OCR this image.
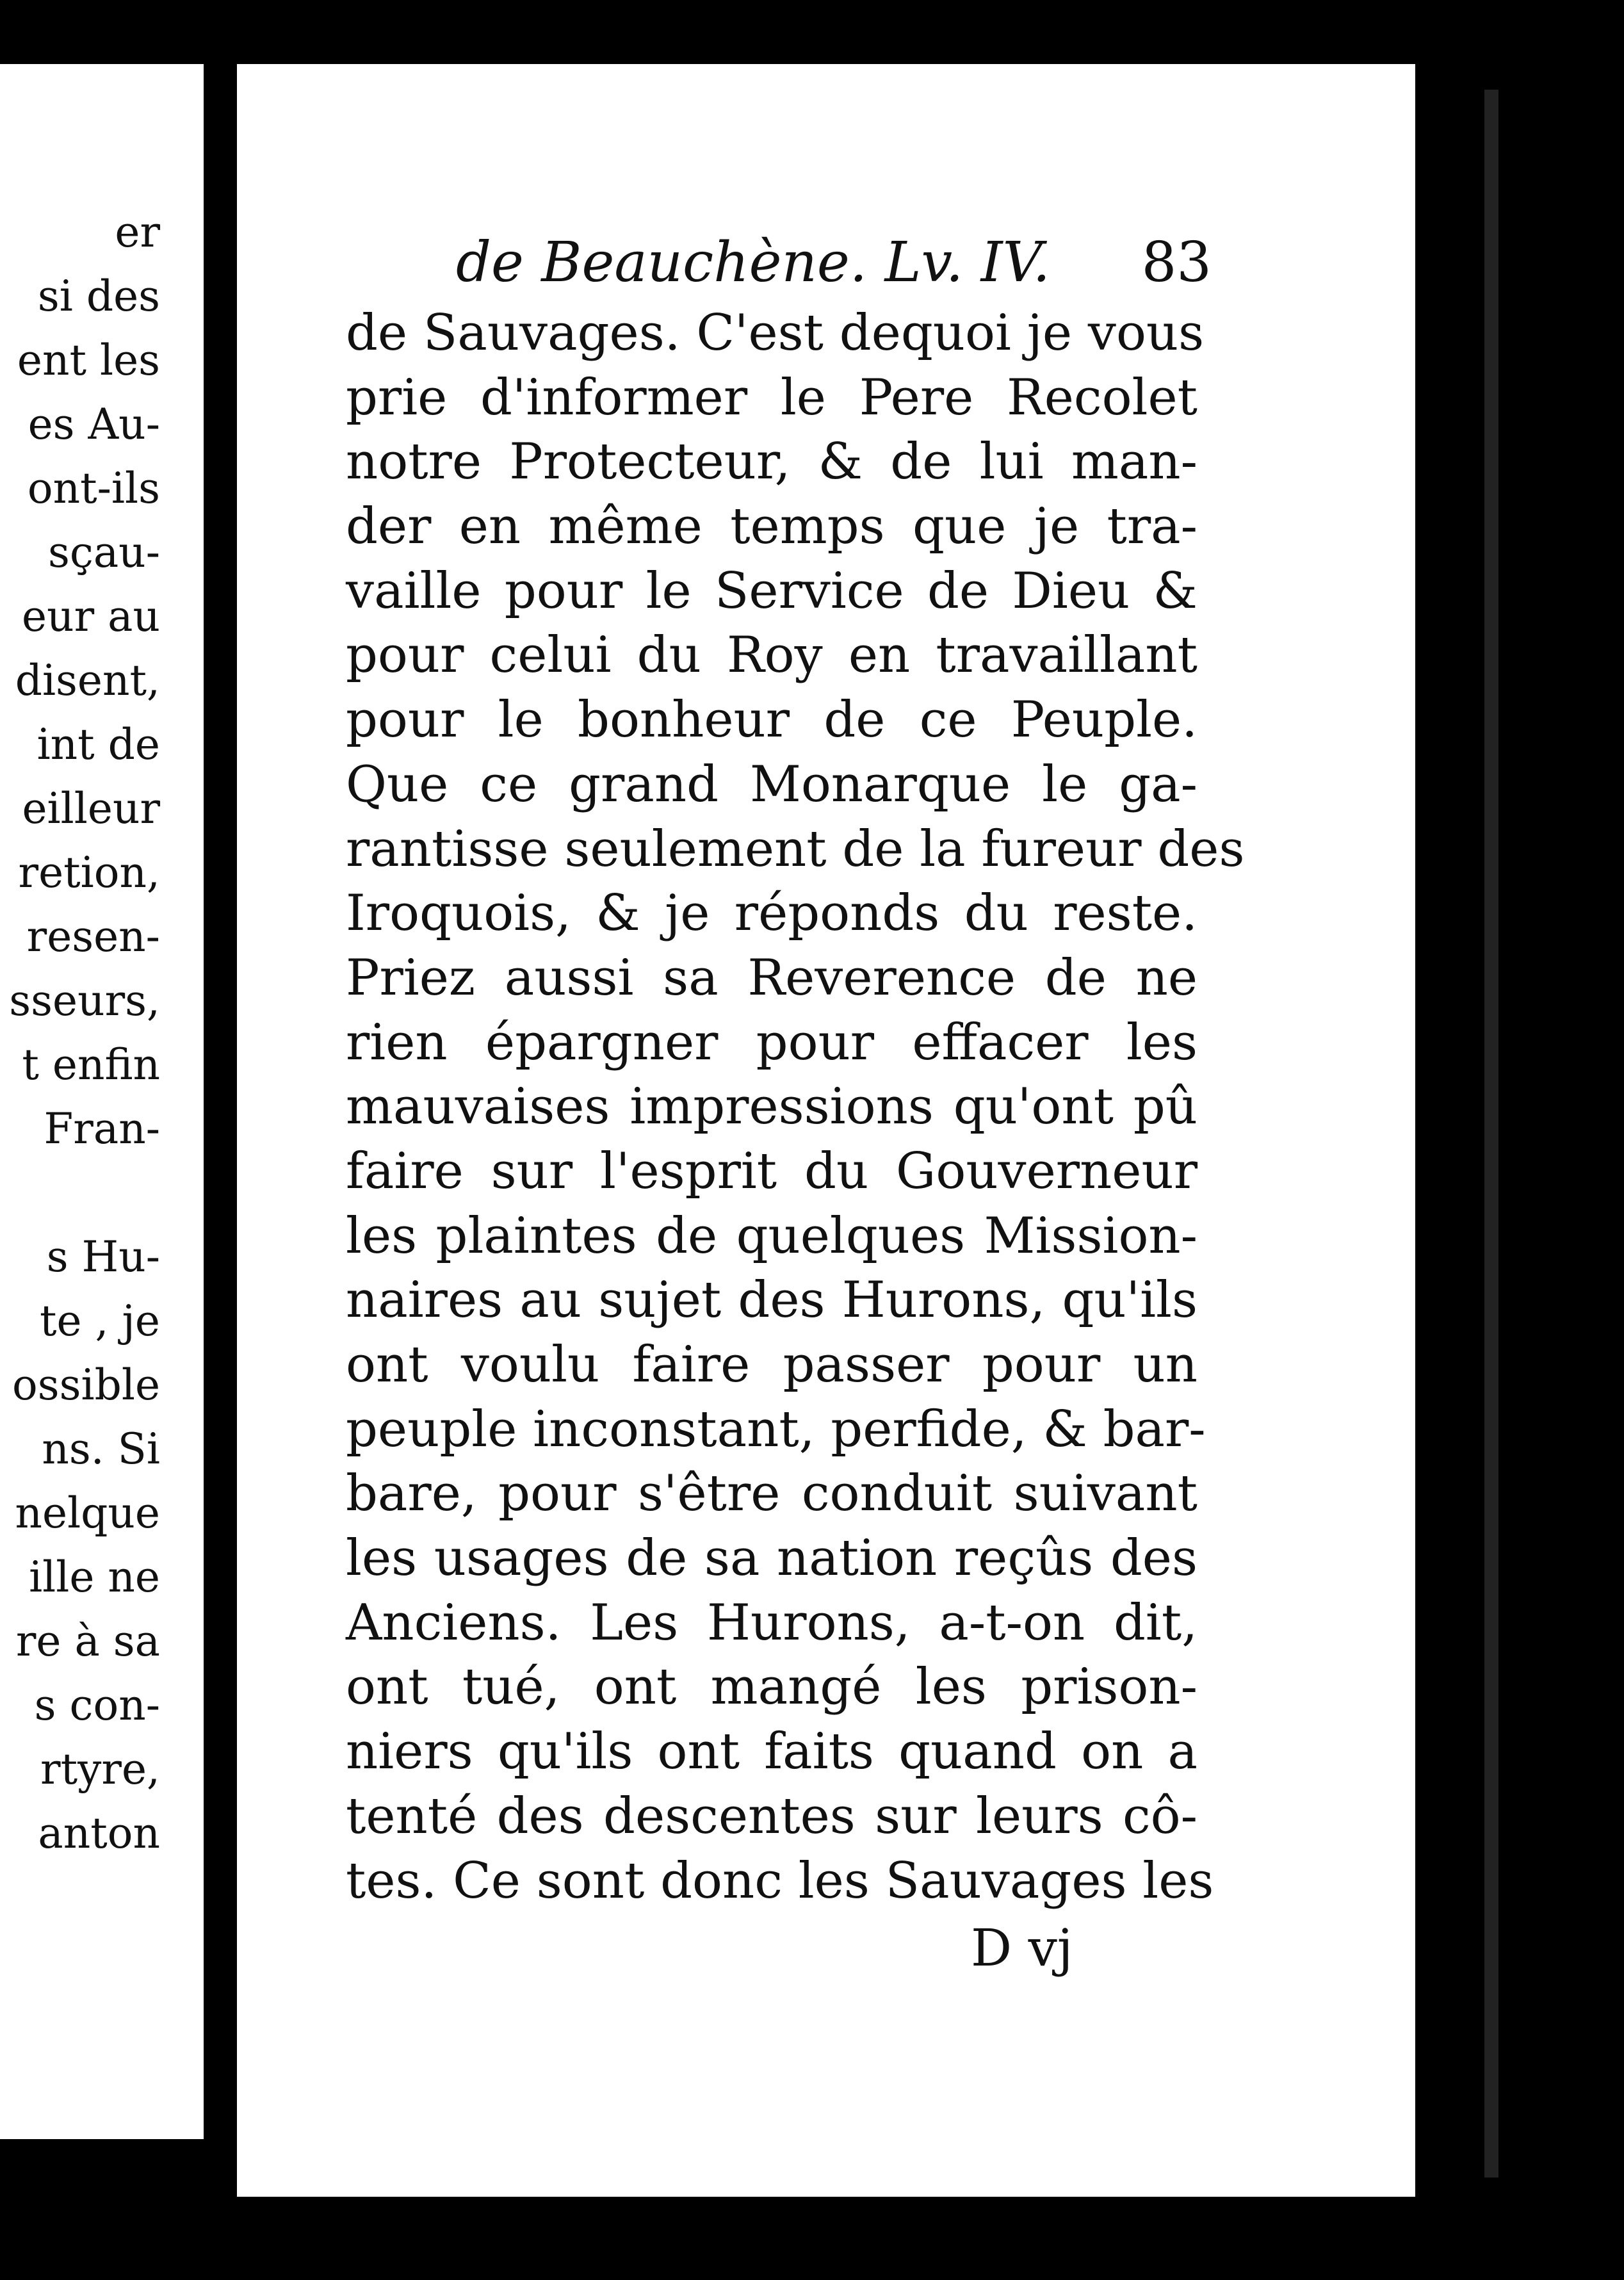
er
si des
ent les
es Au-
ont-ils
sçau-
eur au
disent,
int de
eilleur
retion,
resen-
sseurs,
t enfin
Fran-
s Hu-
te , je
ossible
ns. Si
nelque
ille ne
re à sa
s con-
rtyre,
anton
de Beauchène. Lv. IV. 83
de Sauvages. C'est dequoi je vous
prie d'informer le Pere Recolet
notre Protecteur, & de lui man-
der en même temps que je tra-
vaille pour le Service de Dieu &
pour celui du Roy en travaillant
pour le bonheur de ce Peuple.
Que ce grand Monarque le ga-
rantisse seulement de la fureur des
Iroquois, & je réponds du reste.
Priez aussi sa Reverence de ne
rien épargner pour effacer les
mauvaises impressions qu'ont pû
faire sur l'esprit du Gouverneur
les plaintes de quelques Mission-
naires au sujet des Hurons, qu'ils
ont voulu faire passer pour un
peuple inconstant, perfide, & bar-
bare, pour s'être conduit suivant
les usages de sa nation reçûs des
Anciens. Les Hurons, a-t-on dit,
ont tué, ont mangé les prison-
niers qu'ils ont faits quand on a
tenté des descentes sur leurs cô-
tes. Ce sont donc les Sauvages les
D vj
